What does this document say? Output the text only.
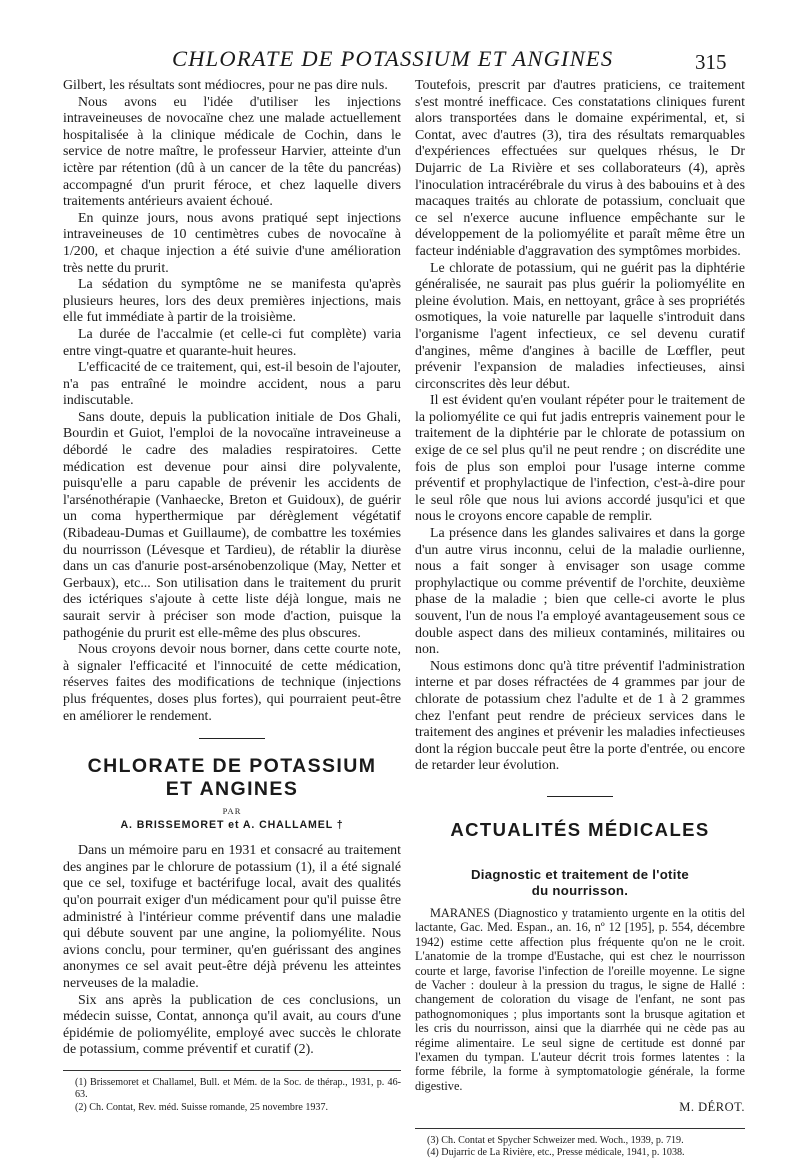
CHLORATE DE POTASSIUM ET ANGINES	315

Gilbert, les résultats sont médiocres, pour ne pas dire nuls.

Nous avons eu l'idée d'utiliser les injections intraveineuses de novocaïne chez une malade actuellement hospitalisée à la clinique médicale de Cochin, dans le service de notre maître, le professeur Harvier, atteinte d'un ictère par rétention (dû à un cancer de la tête du pancréas) accompagné d'un prurit féroce, et chez laquelle divers traitements antérieurs avaient échoué.

En quinze jours, nous avons pratiqué sept injections intraveineuses de 10 centimètres cubes de novocaïne à 1/200, et chaque injection a été suivie d'une amélioration très nette du prurit.

La sédation du symptôme ne se manifesta qu'après plusieurs heures, lors des deux premières injections, mais elle fut immédiate à partir de la troisième.

La durée de l'accalmie (et celle-ci fut complète) varia entre vingt-quatre et quarante-huit heures.

L'efficacité de ce traitement, qui, est-il besoin de l'ajouter, n'a pas entraîné le moindre accident, nous a paru indiscutable.

Sans doute, depuis la publication initiale de Dos Ghali, Bourdin et Guiot, l'emploi de la novocaïne intraveineuse a débordé le cadre des maladies respiratoires. Cette médication est devenue pour ainsi dire polyvalente, puisqu'elle a paru capable de prévenir les accidents de l'arsénothérapie (Vanhaecke, Breton et Guidoux), de guérir un coma hyperthermique par dérèglement végétatif (Ribadeau-Dumas et Guillaume), de combattre les toxémies du nourrisson (Lévesque et Tardieu), de rétablir la diurèse dans un cas d'anurie post-arsénobenzolique (May, Netter et Gerbaux), etc... Son utilisation dans le traitement du prurit des ictériques s'ajoute à cette liste déjà longue, mais ne saurait servir à préciser son mode d'action, puisque la pathogénie du prurit est elle-même des plus obscures.

Nous croyons devoir nous borner, dans cette courte note, à signaler l'efficacité et l'innocuité de cette médication, réserves faites des modifications de technique (injections plus fréquentes, doses plus fortes), qui pourraient peut-être en améliorer le rendement.

CHLORATE DE POTASSIUM
ET ANGINES
PAR
A. BRISSEMORET et A. CHALLAMEL †

Dans un mémoire paru en 1931 et consacré au traitement des angines par le chlorure de potassium (1), il a été signalé que ce sel, toxifuge et bactérifuge local, avait des qualités qu'on pourrait exiger d'un médicament pour qu'il puisse être administré à l'intérieur comme préventif dans une maladie qui débute souvent par une angine, la poliomyélite. Nous avions conclu, pour terminer, qu'en guérissant des angines anonymes ce sel avait peut-être déjà prévenu les atteintes nerveuses de la maladie.

Six ans après la publication de ces conclusions, un médecin suisse, Contat, annonça qu'il avait, au cours d'une épidémie de poliomyélite, employé avec succès le chlorate de potassium, comme préventif et curatif (2).

(1) Brissemoret et Challamel, Bull. et Mém. de la Soc. de thérap., 1931, p. 46-63.

(2) Ch. Contat, Rev. méd. Suisse romande, 25 novembre 1937.

Toutefois, prescrit par d'autres praticiens, ce traitement s'est montré inefficace. Ces constatations cliniques furent alors transportées dans le domaine expérimental, et, si Contat, avec d'autres (3), tira des résultats remarquables d'expériences effectuées sur quelques rhésus, le Dr Dujarric de La Rivière et ses collaborateurs (4), après l'inoculation intracérébrale du virus à des babouins et à des macaques traités au chlorate de potassium, concluait que ce sel n'exerce aucune influence empêchante sur le développement de la poliomyélite et paraît même être un facteur indéniable d'aggravation des symptômes morbides.

Le chlorate de potassium, qui ne guérit pas la diphtérie généralisée, ne saurait pas plus guérir la poliomyélite en pleine évolution. Mais, en nettoyant, grâce à ses propriétés osmotiques, la voie naturelle par laquelle s'introduit dans l'organisme l'agent infectieux, ce sel devenu curatif d'angines, même d'angines à bacille de Lœffler, peut prévenir l'expansion de maladies infectieuses, ainsi circonscrites dès leur début.

Il est évident qu'en voulant répéter pour le traitement de la poliomyélite ce qui fut jadis entrepris vainement pour le traitement de la diphtérie par le chlorate de potassium on exige de ce sel plus qu'il ne peut rendre ; on discrédite une fois de plus son emploi pour l'usage interne comme préventif et prophylactique de l'infection, c'est-à-dire pour le seul rôle que nous lui avions accordé jusqu'ici et que nous le croyons encore capable de remplir.

La présence dans les glandes salivaires et dans la gorge d'un autre virus inconnu, celui de la maladie ourlienne, nous a fait songer à envisager son usage comme prophylactique ou comme préventif de l'orchite, deuxième phase de la maladie ; bien que celle-ci avorte le plus souvent, l'un de nous l'a employé avantageusement sous ce double aspect dans des milieux contaminés, militaires ou non.

Nous estimons donc qu'à titre préventif l'administration interne et par doses réfractées de 4 grammes par jour de chlorate de potassium chez l'adulte et de 1 à 2 grammes chez l'enfant peut rendre de précieux services dans le traitement des angines et prévenir les maladies infectieuses dont la région buccale peut être la porte d'entrée, ou encore de retarder leur évolution.

ACTUALITÉS MÉDICALES
Diagnostic et traitement de l'otite
du nourrisson.

MARANES (Diagnostico y tratamiento urgente en la otitis del lactante, Gac. Med. Espan., an. 16, nº 12 [195], p. 554, décembre 1942) estime cette affection plus fréquente qu'on ne le croit. L'anatomie de la trompe d'Eustache, qui est chez le nourrisson courte et large, favorise l'infection de l'oreille moyenne. Le signe de Vacher : douleur à la pression du tragus, le signe de Hallé : changement de coloration du visage de l'enfant, ne sont pas pathognomoniques ; plus importants sont la brusque agitation et les cris du nourrisson, ainsi que la diarrhée qui ne cède pas au régime alimentaire. Le seul signe de certitude est donné par l'examen du tympan. L'auteur décrit trois formes latentes : la forme fébrile, la forme à symptomatologie générale, la forme digestive.

M. DÉROT.

(3) Ch. Contat et Spycher Schweizer med. Woch., 1939, p. 719.

(4) Dujarric de La Rivière, etc., Presse médicale, 1941, p. 1038.
